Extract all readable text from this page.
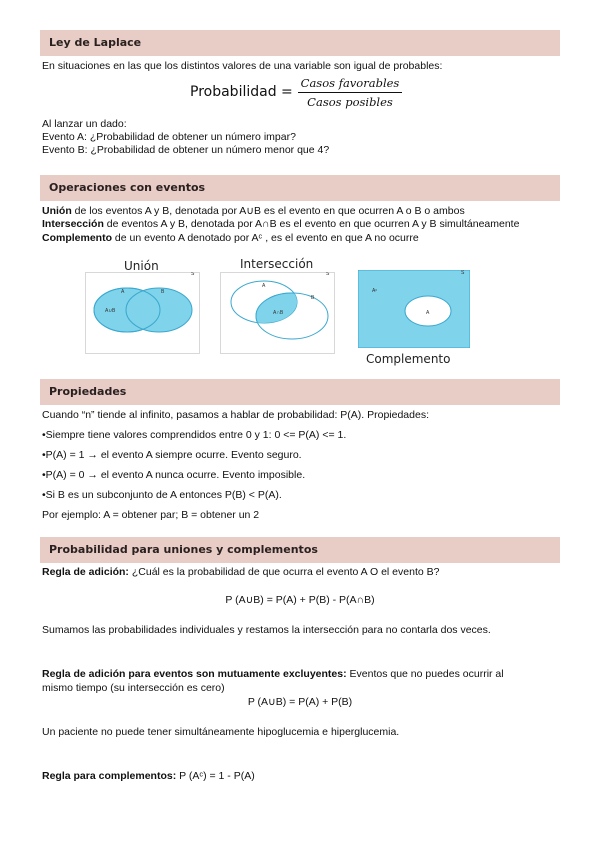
Ley de Laplace
En situaciones en las que los distintos valores de una variable son igual de probables:
Probabilidad =
Casos favorables
Casos posibles
Al lanzar un dado:
Evento A: ¿Probabilidad de obtener un número impar?
Evento B: ¿Probabilidad de obtener un número menor que 4?
Operaciones con eventos
Unión de los eventos A y B, denotada por A∪B es el evento en que ocurren A o B o ambos
Intersección de eventos A y B, denotada por A∩B es el evento en que ocurren A y B simultáneamente
Complemento de un evento A denotado por Aᶜ , es el evento en que A no ocurre
Unión	Intersección
Complemento
A	B
A∪B
S
A
B
A∩B
S
Aᶜ
A
S
Propiedades
Cuando “n” tiende al infinito, pasamos a hablar de probabilidad: P(A). Propiedades:
•Siempre tiene valores comprendidos entre 0 y 1: 0 <= P(A) <= 1.
•P(A) = 1 → el evento A siempre ocurre. Evento seguro.
•P(A) = 0 → el evento A nunca ocurre. Evento imposible.
•Si B es un subconjunto de A entonces P(B) < P(A).
Por ejemplo: A = obtener par; B = obtener un 2
Probabilidad para uniones y complementos
Regla de adición: ¿Cuál es la probabilidad de que ocurra el evento A O el evento B?
P (A∪B) = P(A) + P(B) - P(A∩B)
Sumamos las probabilidades individuales y restamos la intersección para no contarla dos veces.
Regla de adición para eventos son mutuamente excluyentes: Eventos que no puedes ocurrir al
mismo tiempo (su intersección es cero)
P (A∪B) = P(A) + P(B)
Un paciente no puede tener simultáneamente hipoglucemia e hiperglucemia.
Regla para complementos: P (Aᶜ) = 1 - P(A)
